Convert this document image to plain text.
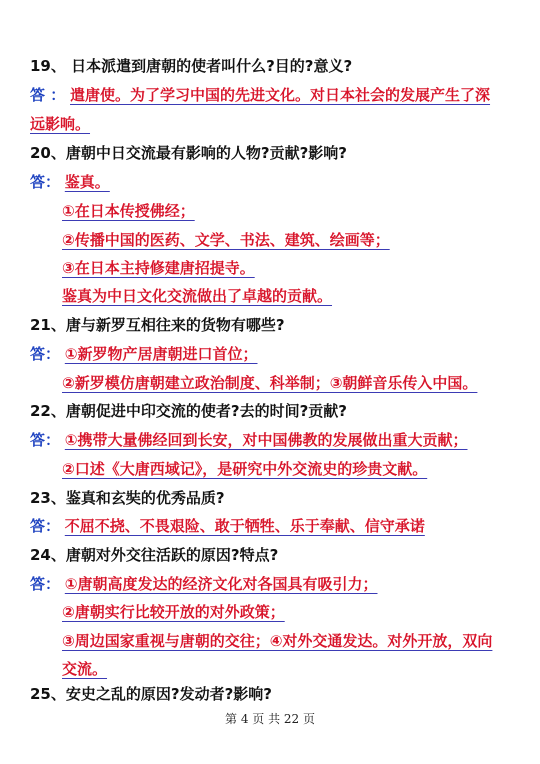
19、 日本派遣到唐朝的使者叫什么?目的?意义?
答 ： 遣唐使。为了学习中国的先进文化。对日本社会的发展产生了深
远影响。
20、唐朝中日交流最有影响的人物?贡献?影响?
答： 鉴真。
①在日本传授佛经；
②传播中国的医药、文学、书法、建筑、绘画等；
③在日本主持修建唐招提寺。
鉴真为中日文化交流做出了卓越的贡献。
21、唐与新罗互相往来的货物有哪些?
答： ①新罗物产居唐朝进口首位；
②新罗模仿唐朝建立政治制度、科举制；③朝鲜音乐传入中国。
22、唐朝促进中印交流的使者?去的时间?贡献?
答： ①携带大量佛经回到长安，对中国佛教的发展做出重大贡献；
②口述《大唐西域记》，是研究中外交流史的珍贵文献。
23、鉴真和玄奘的优秀品质?
答： 不屈不挠、不畏艰险、敢于牺牲、乐于奉献、信守承诺
24、唐朝对外交往活跃的原因?特点?
答： ①唐朝高度发达的经济文化对各国具有吸引力；
②唐朝实行比较开放的对外政策；
③周边国家重视与唐朝的交往；④对外交通发达。对外开放，双向
交流。
25、安史之乱的原因?发动者?影响?
第 4 页 共 22 页
